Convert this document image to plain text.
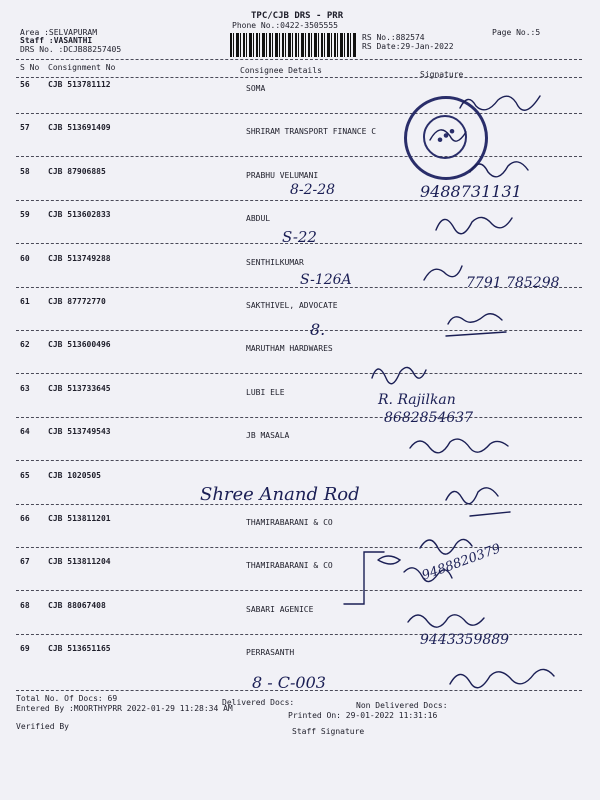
TPC/CJB DRS - PRR
Phone No.:0422-3505555
Area :SELVAPURAM
Staff :VASANTHI
DRS No. :DCJB88257405
RS No.:882574
RS Date:29-Jan-2022
Page No.:5
S No Consignment No	Consignee Details	Signature
56 CJB 513781112	SOMA
57 CJB 513691409	SHRIRAM TRANSPORT FINANCE C
58 CJB 87906885	PRABHU VELUMANI
59 CJB 513602833	ABDUL
60 CJB 513749288	SENTHILKUMAR
61 CJB 87772770	SAKTHIVEL, ADVOCATE
62 CJB 513600496	MARUTHAM HARDWARES
63 CJB 513733645	LUBI ELE
64 CJB 513749543	JB MASALA
65 CJB 1020505
66 CJB 513811201	THAMIRABARANI & CO
67 CJB 513811204	THAMIRABARANI & CO
68 CJB 88067408	SABARI AGENICE
69 CJB 513651165	PERRASANTH
● ● ●
8-2-28	9488731131
S-22
S-126A	7791 785298
8.
R. Rajilkan
8682854637
Shree Anand Rod
9488820379
9443359889
8 - C-003
Total No. Of Docs: 69	Delivered Docs:	Non Delivered Docs:
Entered By :MOORTHYPRR 2022-01-29 11:28:34 AM
Printed On: 29-01-2022 11:31:16
Verified By
Staff Signature
